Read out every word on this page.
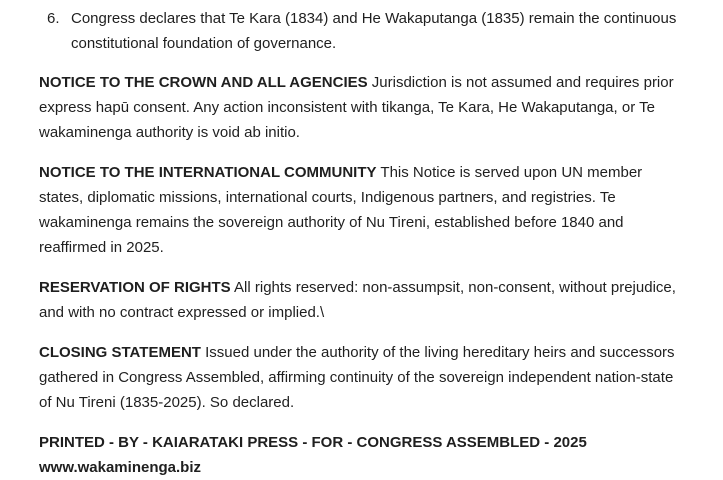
6. Congress declares that Te Kara (1834) and He Wakaputanga (1835) remain the continuous constitutional foundation of governance.

NOTICE TO THE CROWN AND ALL AGENCIES Jurisdiction is not assumed and requires prior express hapū consent. Any action inconsistent with tikanga, Te Kara, He Wakaputanga, or Te wakaminenga authority is void ab initio.

NOTICE TO THE INTERNATIONAL COMMUNITY This Notice is served upon UN member states, diplomatic missions, international courts, Indigenous partners, and registries. Te wakaminenga remains the sovereign authority of Nu Tireni, established before 1840 and reaffirmed in 2025.

RESERVATION OF RIGHTS All rights reserved: non-assumpsit, non-consent, without prejudice, and with no contract expressed or implied.\

CLOSING STATEMENT Issued under the authority of the living hereditary heirs and successors gathered in Congress Assembled, affirming continuity of the sovereign independent nation-state of Nu Tireni (1835-2025). So declared.

PRINTED - BY - KAIARATAKI PRESS - FOR - CONGRESS ASSEMBLED - 2025

www.wakaminenga.biz
